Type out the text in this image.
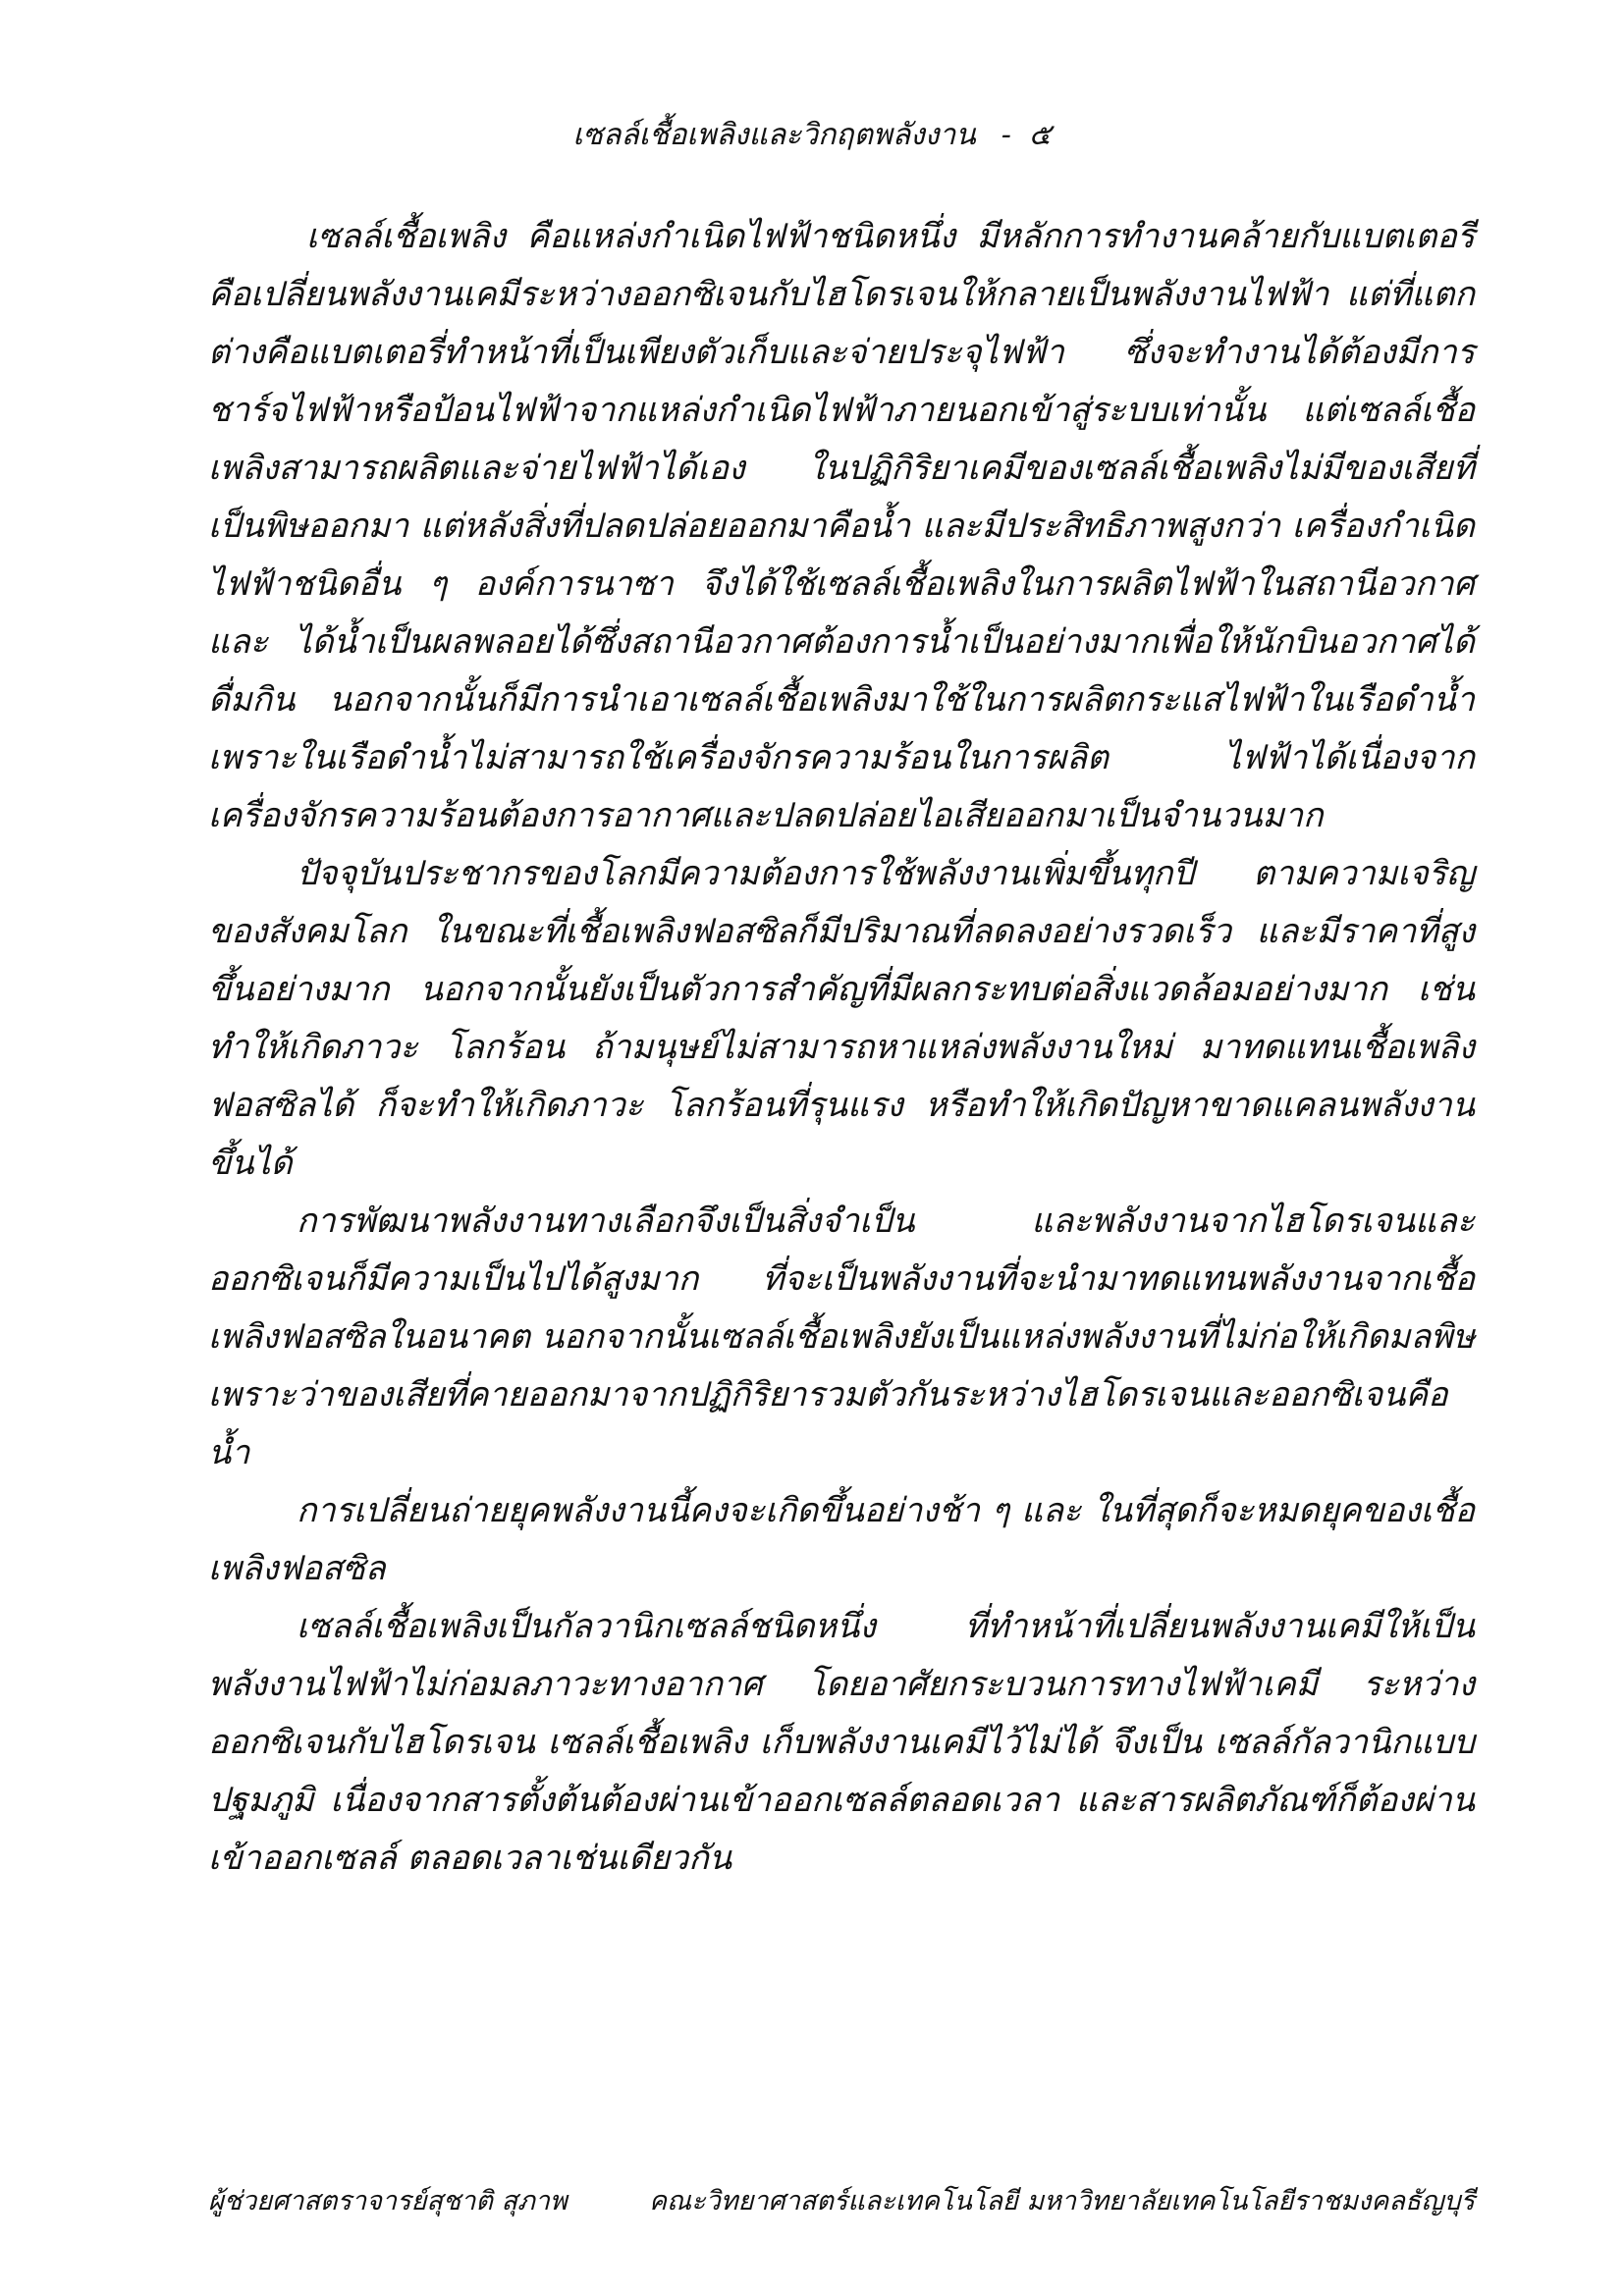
เซลล์เชื้อเพลิงและวิกฤตพลังงาน - ๕

เซลล์เชื้อเพลิง คือแหล่งกำเนิดไฟฟ้าชนิดหนึ่ง มีหลักการทำงานคล้ายกับแบตเตอรี คือเปลี่ยนพลังงานเคมีระหว่างออกซิเจนกับไฮโดรเจนให้กลายเป็นพลังงานไฟฟ้า แต่ที่แตกต่างคือแบตเตอรี่ทำหน้าที่เป็นเพียงตัวเก็บและจ่ายประจุไฟฟ้า ซึ่งจะทำงานได้ต้องมีการชาร์จไฟฟ้าหรือป้อนไฟฟ้าจากแหล่งกำเนิดไฟฟ้าภายนอกเข้าสู่ระบบเท่านั้น แต่เซลล์เชื้อเพลิงสามารถผลิตและจ่ายไฟฟ้าได้เอง ในปฏิกิริยาเคมีของเซลล์เชื้อเพลิงไม่มีของเสียที่เป็นพิษออกมา แต่หลังสิ่งที่ปลดปล่อยออกมาคือน้ำ และมีประสิทธิภาพสูงกว่า เครื่องกำเนิดไฟฟ้าชนิดอื่น ๆ องค์การนาซา จึงได้ใช้เซลล์เชื้อเพลิงในการผลิตไฟฟ้าในสถานีอวกาศ และ ได้น้ำเป็นผลพลอยได้ซึ่งสถานีอวกาศต้องการน้ำเป็นอย่างมากเพื่อให้นักบินอวกาศได้ดื่มกิน นอกจากนั้นก็มีการนำเอาเซลล์เชื้อเพลิงมาใช้ในการผลิตกระแสไฟฟ้าในเรือดำน้ำ เพราะในเรือดำน้ำไม่สามารถใช้เครื่องจักรความร้อนในการผลิต ไฟฟ้าได้เนื่องจากเครื่องจักรความร้อนต้องการอากาศและปลดปล่อยไอเสียออกมาเป็นจำนวนมาก

ปัจจุบันประชากรของโลกมีความต้องการใช้พลังงานเพิ่มขึ้นทุกปี ตามความเจริญของสังคมโลก ในขณะที่เชื้อเพลิงฟอสซิลก็มีปริมาณที่ลดลงอย่างรวดเร็ว และมีราคาที่สูงขึ้นอย่างมาก นอกจากนั้นยังเป็นตัวการสำคัญที่มีผลกระทบต่อสิ่งแวดล้อมอย่างมาก เช่นทำให้เกิดภาวะ โลกร้อน ถ้ามนุษย์ไม่สามารถหาแหล่งพลังงานใหม่ มาทดแทนเชื้อเพลิงฟอสซิลได้ ก็จะทำให้เกิดภาวะ โลกร้อนที่รุนแรง หรือทำให้เกิดปัญหาขาดแคลนพลังงานขึ้นได้

การพัฒนาพลังงานทางเลือกจึงเป็นสิ่งจำเป็น และพลังงานจากไฮโดรเจนและออกซิเจนก็มีความเป็นไปได้สูงมาก ที่จะเป็นพลังงานที่จะนำมาทดแทนพลังงานจากเชื้อเพลิงฟอสซิลในอนาคต นอกจากนั้นเซลล์เชื้อเพลิงยังเป็นแหล่งพลังงานที่ไม่ก่อให้เกิดมลพิษ เพราะว่าของเสียที่คายออกมาจากปฏิกิริยารวมตัวกันระหว่างไฮโดรเจนและออกซิเจนคือน้ำ

การเปลี่ยนถ่ายยุคพลังงานนี้คงจะเกิดขึ้นอย่างช้า ๆ และ ในที่สุดก็จะหมดยุคของเชื้อเพลิงฟอสซิล

เซลล์เชื้อเพลิงเป็นกัลวานิกเซลล์ชนิดหนึ่ง ที่ทำหน้าที่เปลี่ยนพลังงานเคมีให้เป็นพลังงานไฟฟ้าไม่ก่อมลภาวะทางอากาศ โดยอาศัยกระบวนการทางไฟฟ้าเคมี ระหว่างออกซิเจนกับไฮโดรเจน เซลล์เชื้อเพลิง เก็บพลังงานเคมีไว้ไม่ได้ จึงเป็น เซลล์กัลวานิกแบบปฐมภูมิ เนื่องจากสารตั้งต้นต้องผ่านเข้าออกเซลล์ตลอดเวลา และสารผลิตภัณฑ์ก็ต้องผ่านเข้าออกเซลล์ ตลอดเวลาเช่นเดียวกัน

ผู้ช่วยศาสตราจารย์สุชาติ สุภาพ	คณะวิทยาศาสตร์และเทคโนโลยี มหาวิทยาลัยเทคโนโลยีราชมงคลธัญบุรี
